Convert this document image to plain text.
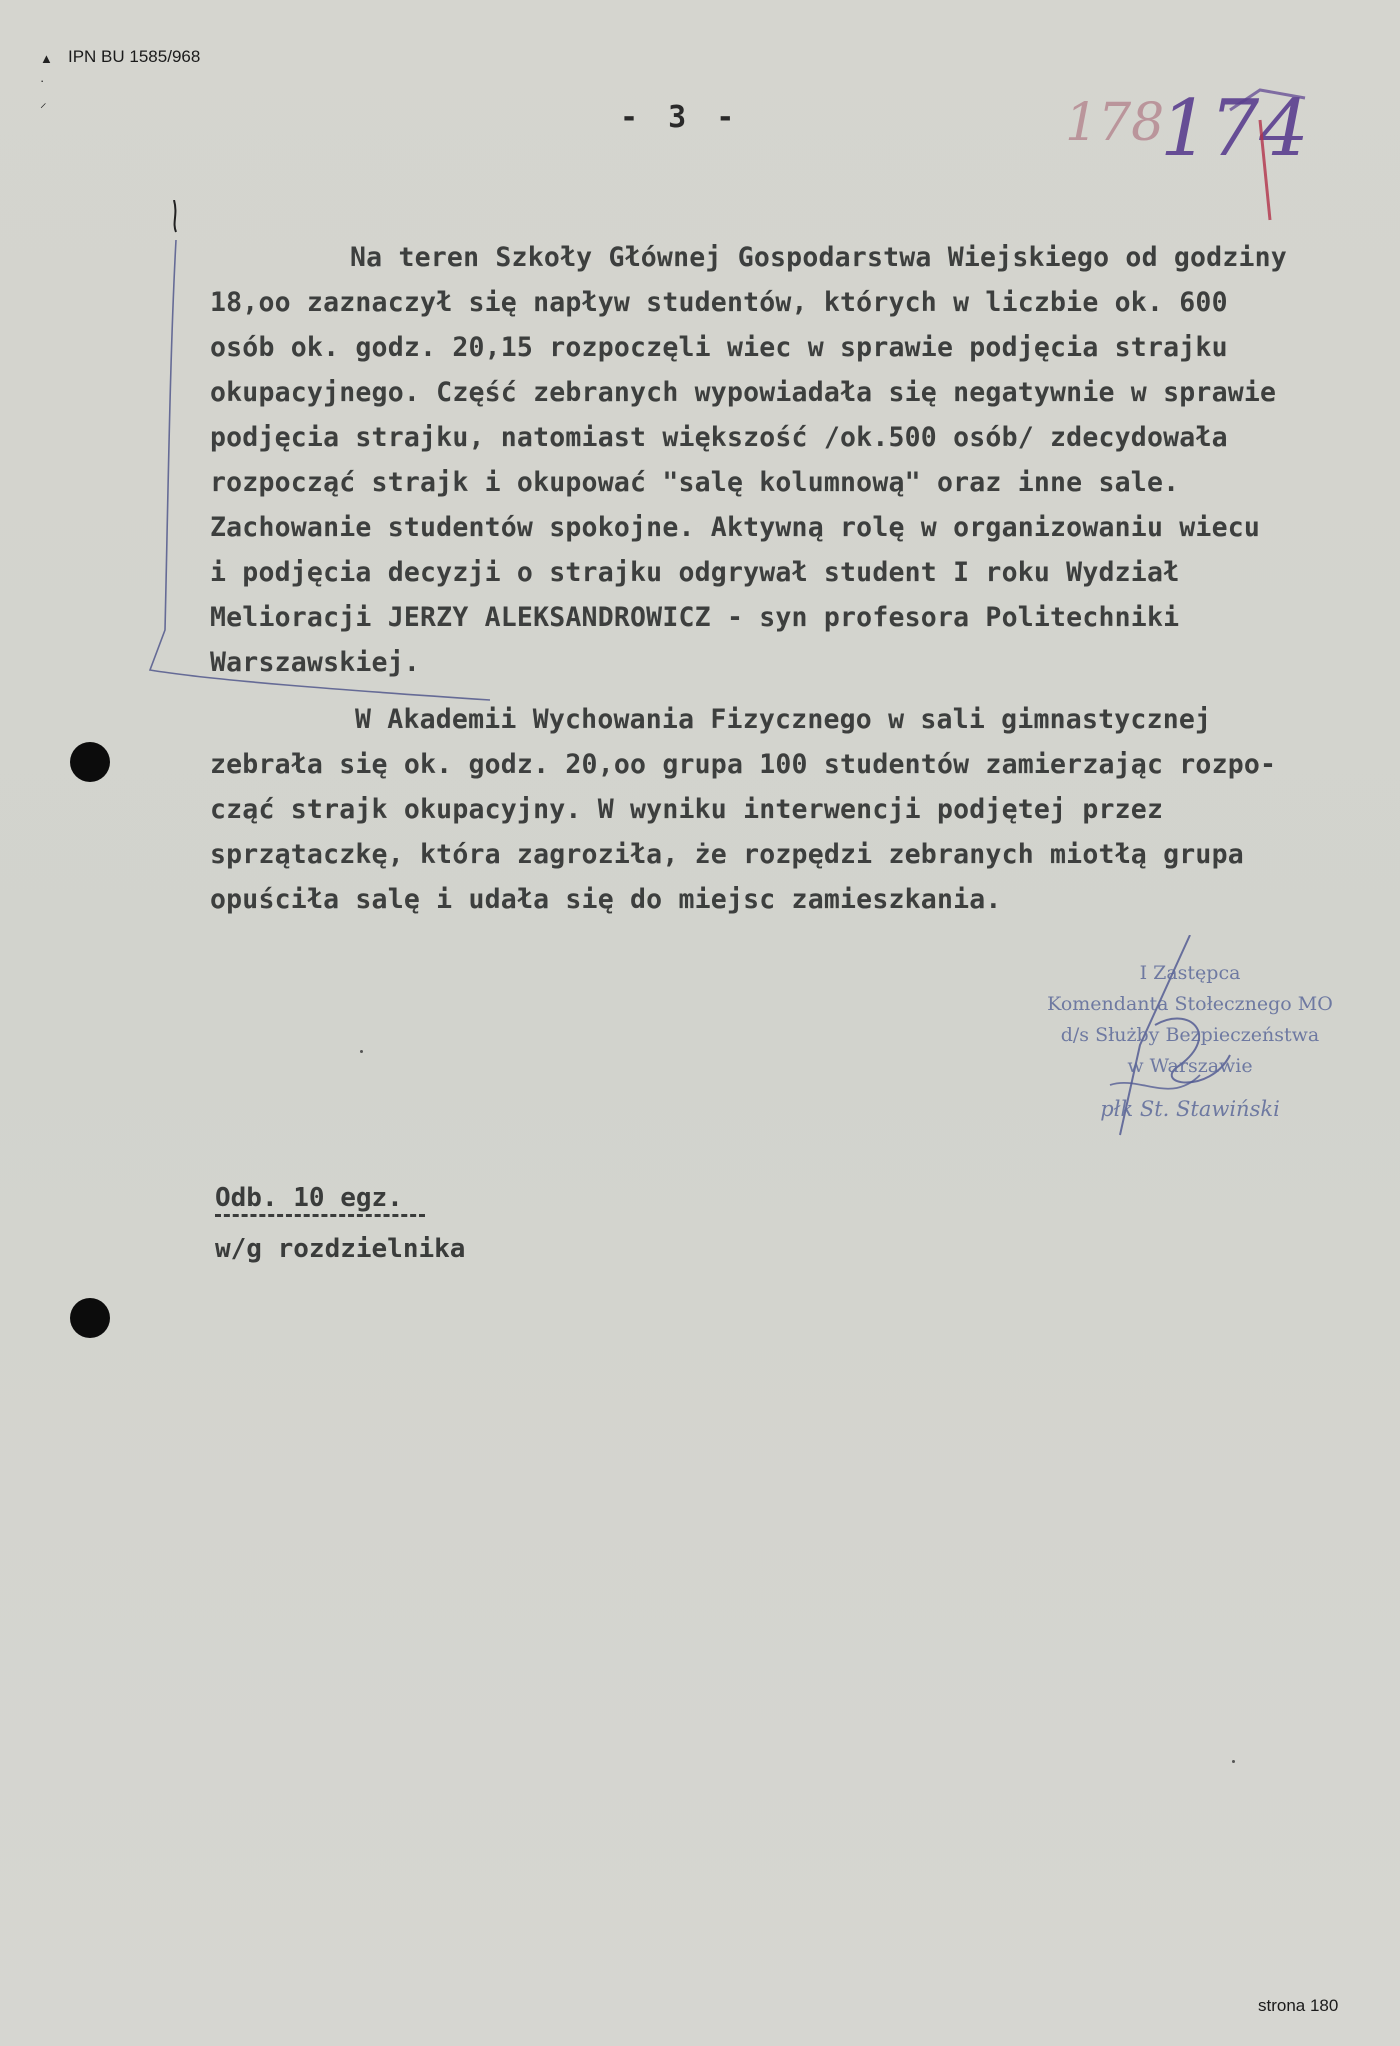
▲
·
⸝
IPN BU 1585/968
- 3 -	178
174
Na teren Szkoły Głównej Gospodarstwa Wiejskiego od godziny
18,oo zaznaczył się napływ studentów, których w liczbie ok. 600
osób ok. godz. 20,15 rozpoczęli wiec w sprawie podjęcia strajku
okupacyjnego. Część zebranych wypowiadała się negatywnie w sprawie
podjęcia strajku, natomiast większość /ok.500 osób/ zdecydowała
rozpocząć strajk i okupować "salę kolumnową" oraz inne sale.
Zachowanie studentów spokojne. Aktywną rolę w organizowaniu wiecu
i podjęcia decyzji o strajku odgrywał student I roku Wydział
Melioracji JERZY ALEKSANDROWICZ - syn profesora Politechniki
Warszawskiej.
W Akademii Wychowania Fizycznego w sali gimnastycznej
zebrała się ok. godz. 20,oo grupa 100 studentów zamierzając rozpo-
cząć strajk okupacyjny. W wyniku interwencji podjętej przez
sprzątaczkę, która zagroziła, że rozpędzi zebranych miotłą grupa
opuściła salę i udała się do miejsc zamieszkania.
I Zastępca
Komendanta Stołecznego MO
d/s Służby Bezpieczeństwa
w Warszawie
płk St. Stawiński
Odb. 10 egz.
w/g rozdzielnika
strona 180
